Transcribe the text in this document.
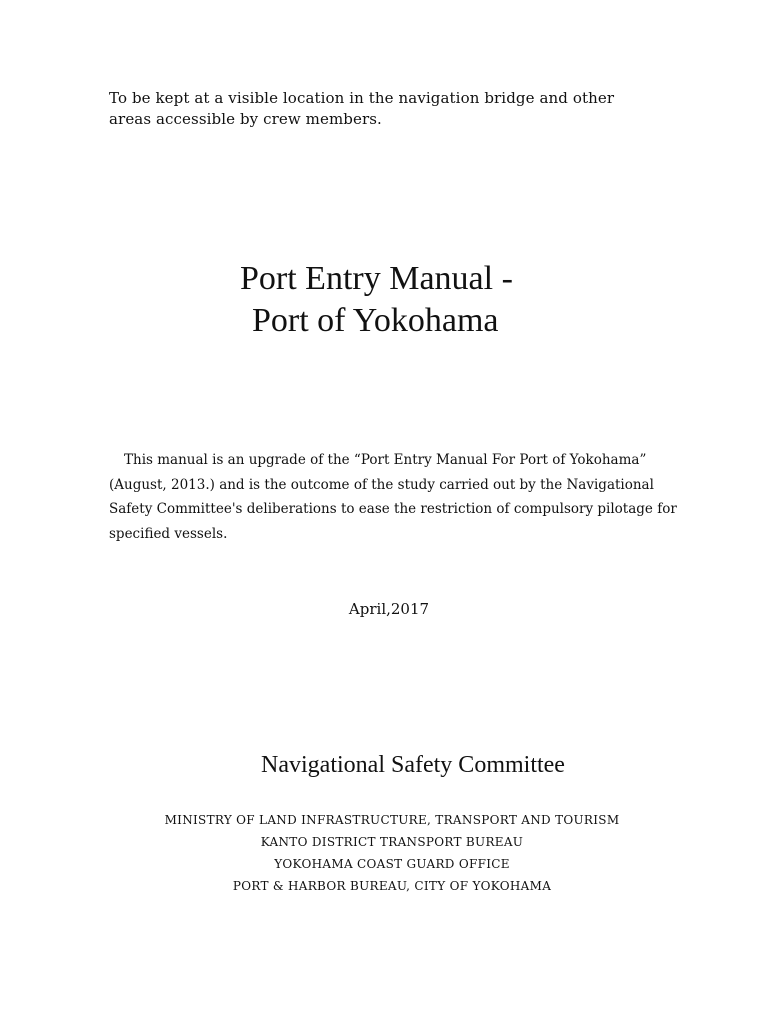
To be kept at a visible location in the navigation bridge and other
areas accessible by crew members.
Port Entry Manual -
Port of Yokohama
This manual is an upgrade of the “Port Entry Manual For Port of Yokohama”
(August, 2013.) and is the outcome of the study carried out by the Navigational
Safety Committee's deliberations to ease the restriction of compulsory pilotage for
specified vessels.
April,2017
Navigational Safety Committee
MINISTRY OF LAND INFRASTRUCTURE, TRANSPORT AND TOURISM
KANTO DISTRICT TRANSPORT BUREAU
YOKOHAMA COAST GUARD OFFICE
PORT & HARBOR BUREAU, CITY OF YOKOHAMA
